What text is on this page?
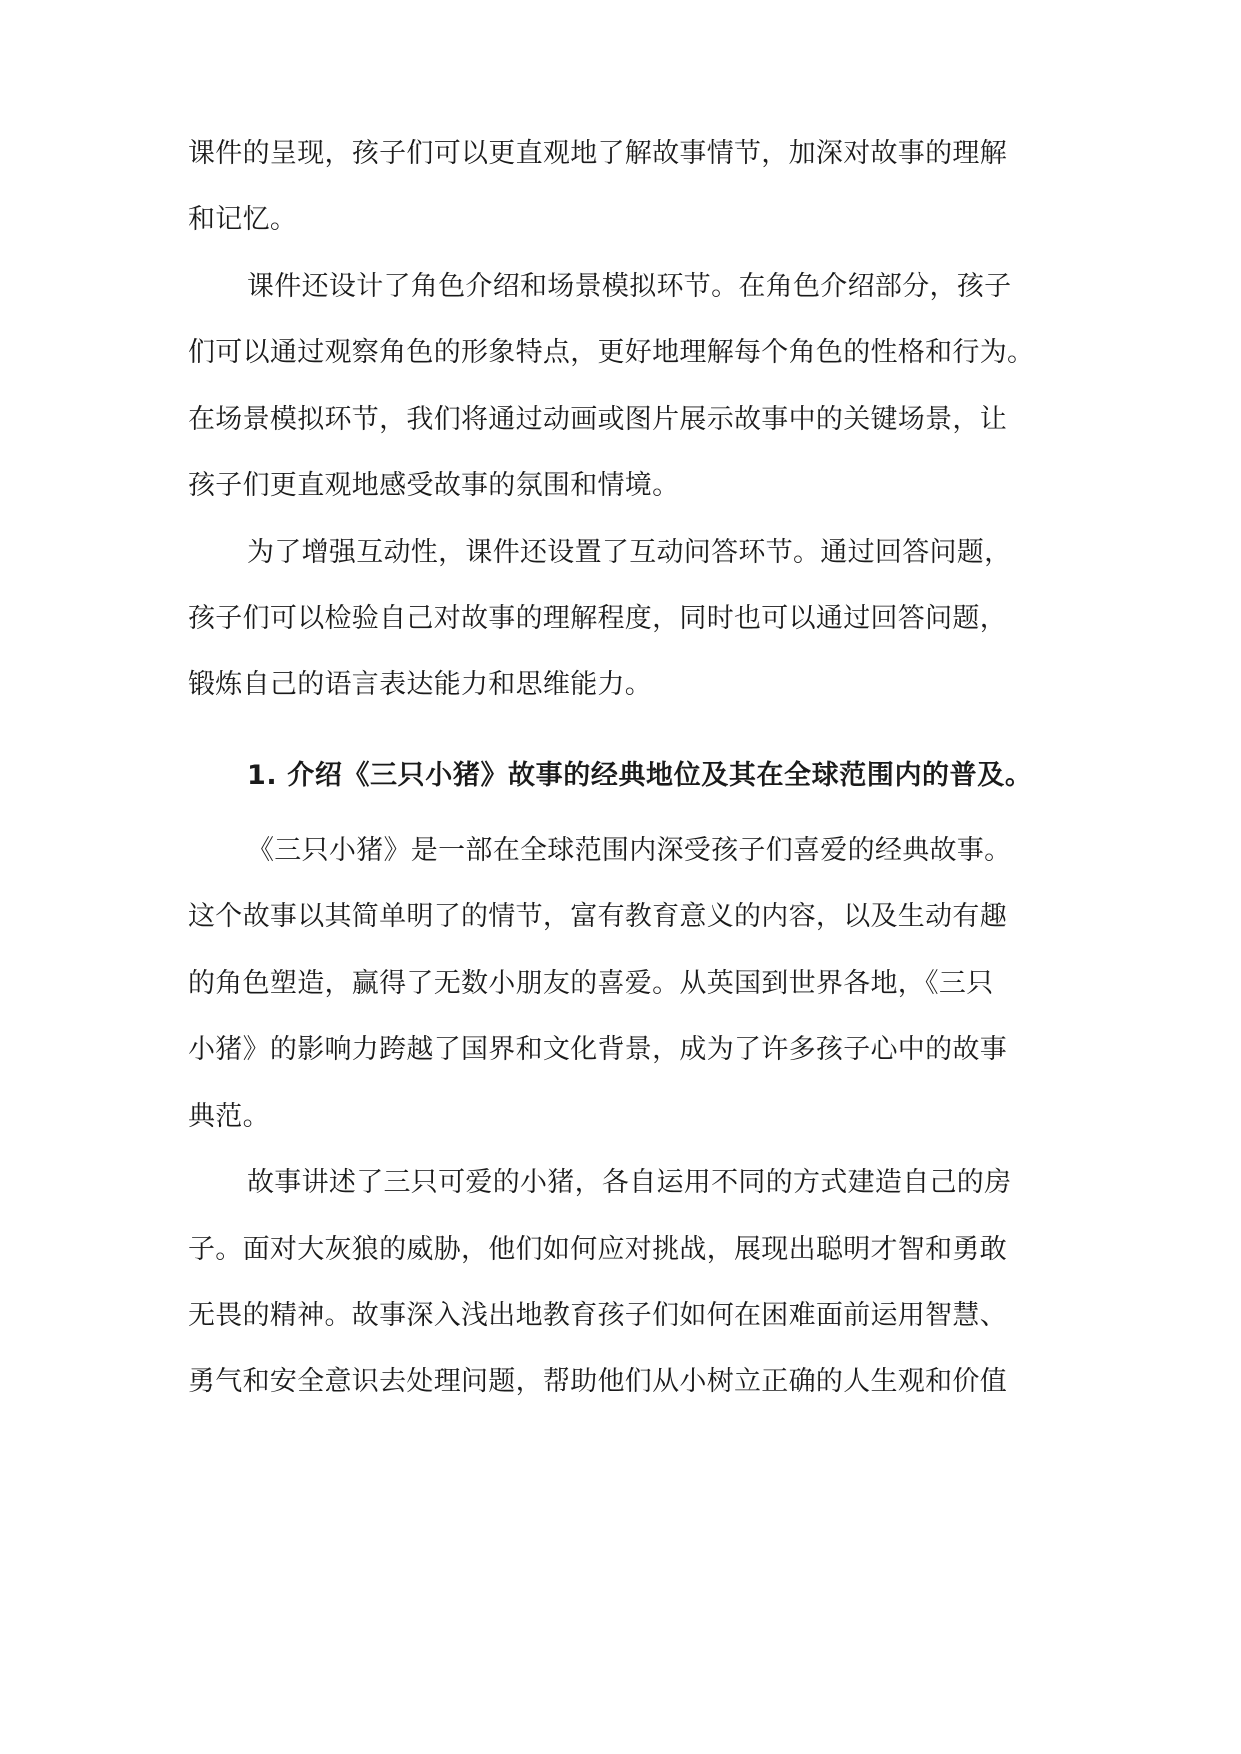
课件的呈现，孩子们可以更直观地了解故事情节，加深对故事的理解
和记忆。
课件还设计了角色介绍和场景模拟环节。在角色介绍部分，孩子
们可以通过观察角色的形象特点，更好地理解每个角色的性格和行为。
在场景模拟环节，我们将通过动画或图片展示故事中的关键场景，让
孩子们更直观地感受故事的氛围和情境。
为了增强互动性，课件还设置了互动问答环节。通过回答问题，
孩子们可以检验自己对故事的理解程度，同时也可以通过回答问题，
锻炼自己的语言表达能力和思维能力。
1. 介绍《三只小猪》故事的经典地位及其在全球范围内的普及。
《三只小猪》是一部在全球范围内深受孩子们喜爱的经典故事。
这个故事以其简单明了的情节，富有教育意义的内容，以及生动有趣
的角色塑造，赢得了无数小朋友的喜爱。从英国到世界各地，《三只
小猪》的影响力跨越了国界和文化背景，成为了许多孩子心中的故事
典范。
故事讲述了三只可爱的小猪，各自运用不同的方式建造自己的房
子。面对大灰狼的威胁，他们如何应对挑战，展现出聪明才智和勇敢
无畏的精神。故事深入浅出地教育孩子们如何在困难面前运用智慧、
勇气和安全意识去处理问题，帮助他们从小树立正确的人生观和价值
